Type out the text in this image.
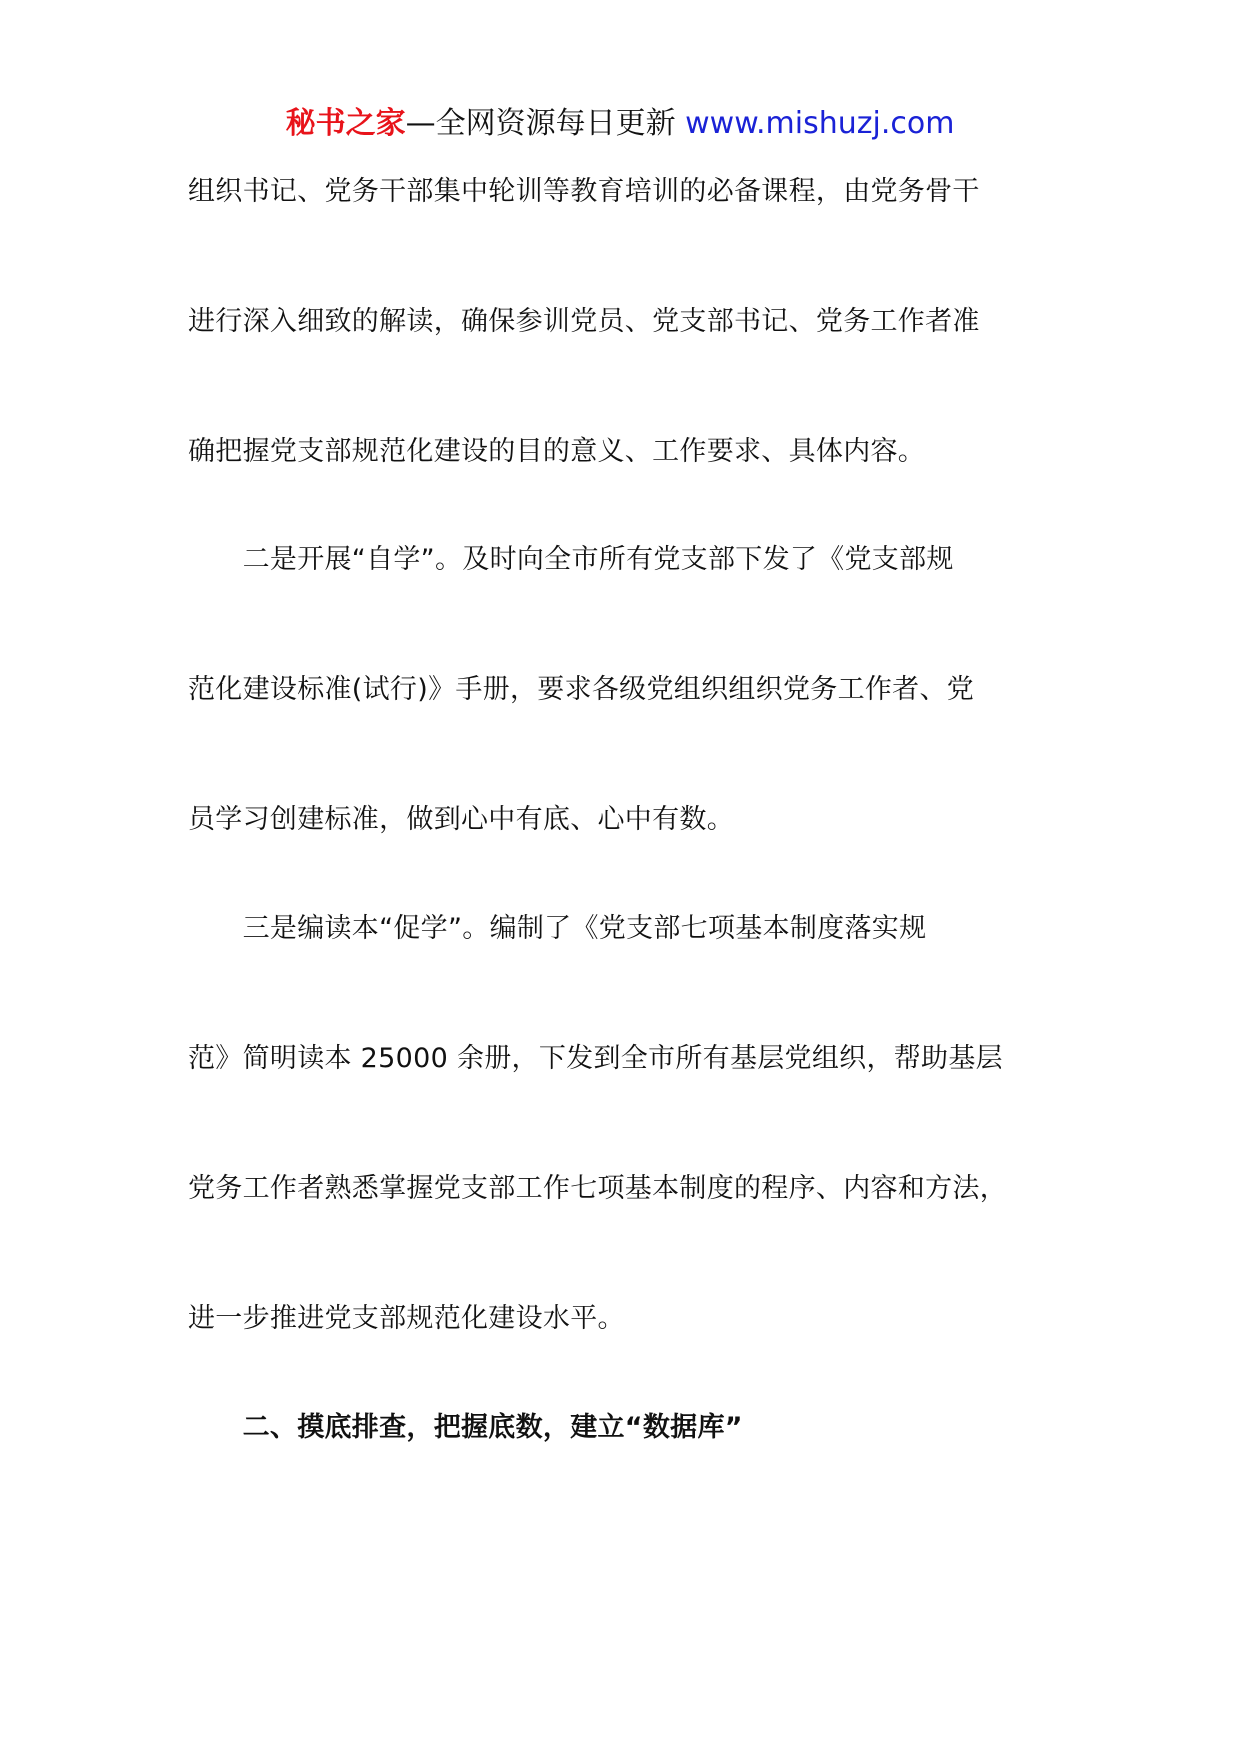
秘书之家—全网资源每日更新 www.mishuzj.com
组织书记、党务干部集中轮训等教育培训的必备课程，由党务骨干
进行深入细致的解读，确保参训党员、党支部书记、党务工作者准
确把握党支部规范化建设的目的意义、工作要求、具体内容。
　　二是开展“自学”。及时向全市所有党支部下发了《党支部规
范化建设标准(试行)》手册，要求各级党组织组织党务工作者、党
员学习创建标准，做到心中有底、心中有数。
　　三是编读本“促学”。编制了《党支部七项基本制度落实规
范》简明读本 25000 余册，下发到全市所有基层党组织，帮助基层
党务工作者熟悉掌握党支部工作七项基本制度的程序、内容和方法，
进一步推进党支部规范化建设水平。
　　二、摸底排查，把握底数，建立“数据库”
